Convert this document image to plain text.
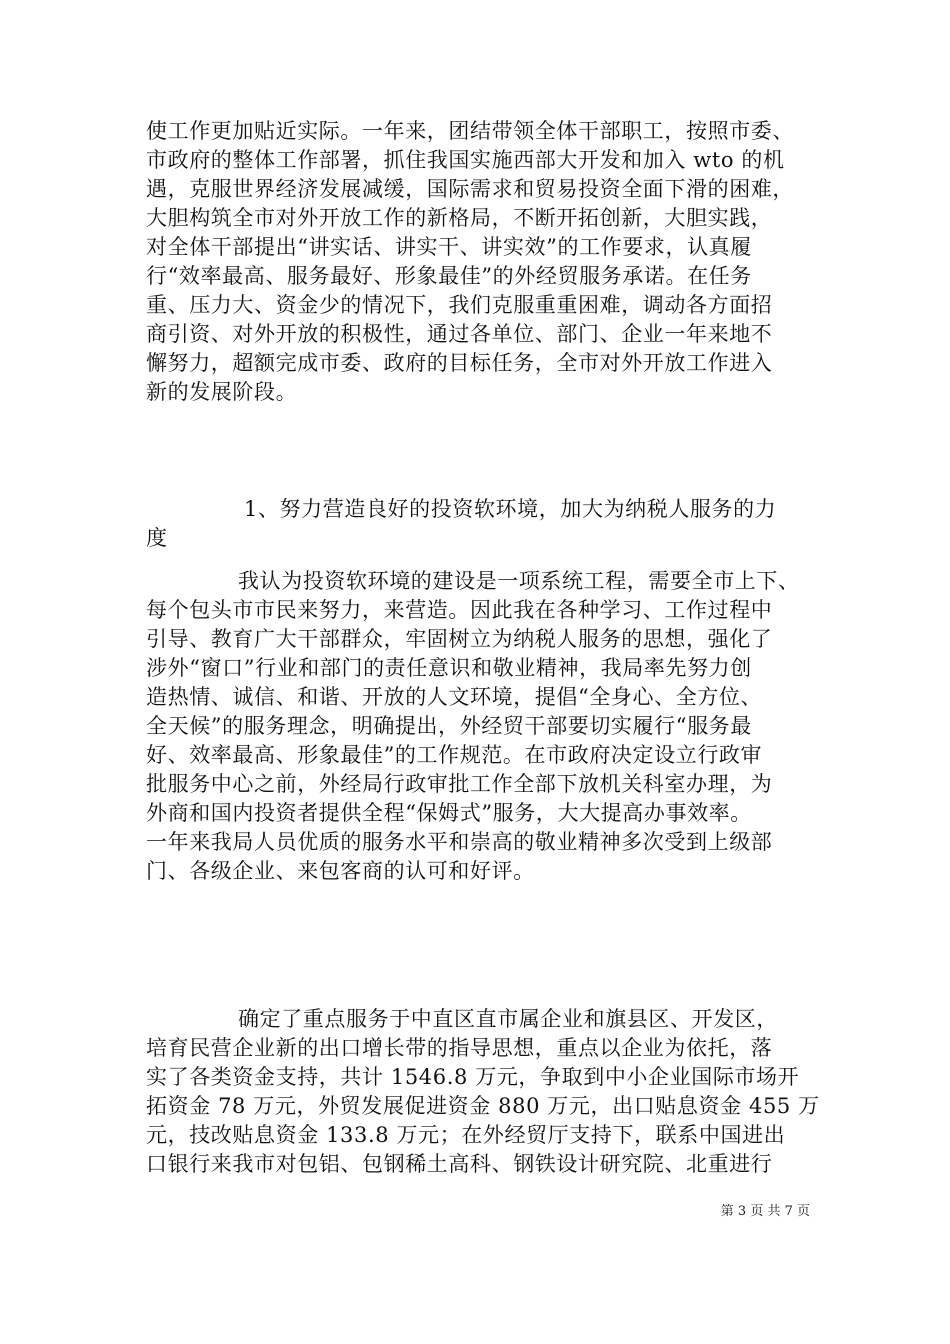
使工作更加贴近实际。一年来，团结带领全体干部职工，按照市委、
市政府的整体工作部署，抓住我国实施西部大开发和加入 wto 的机
遇，克服世界经济发展减缓，国际需求和贸易投资全面下滑的困难，
大胆构筑全市对外开放工作的新格局，不断开拓创新，大胆实践，
对全体干部提出“讲实话、讲实干、讲实效”的工作要求，认真履
行“效率最高、服务最好、形象最佳”的外经贸服务承诺。在任务
重、压力大、资金少的情况下，我们克服重重困难，调动各方面招
商引资、对外开放的积极性，通过各单位、部门、企业一年来地不
懈努力，超额完成市委、政府的目标任务，全市对外开放工作进入
新的发展阶段。
1、努力营造良好的投资软环境，加大为纳税人服务的力
度
我认为投资软环境的建设是一项系统工程，需要全市上下、
每个包头市市民来努力，来营造。因此我在各种学习、工作过程中
引导、教育广大干部群众，牢固树立为纳税人服务的思想，强化了
涉外“窗口”行业和部门的责任意识和敬业精神，我局率先努力创
造热情、诚信、和谐、开放的人文环境，提倡“全身心、全方位、
全天候”的服务理念，明确提出，外经贸干部要切实履行“服务最
好、效率最高、形象最佳”的工作规范。在市政府决定设立行政审
批服务中心之前，外经局行政审批工作全部下放机关科室办理，为
外商和国内投资者提供全程“保姆式”服务，大大提高办事效率。
一年来我局人员优质的服务水平和崇高的敬业精神多次受到上级部
门、各级企业、来包客商的认可和好评。
确定了重点服务于中直区直市属企业和旗县区、开发区，
培育民营企业新的出口增长带的指导思想，重点以企业为依托，落
实了各类资金支持，共计 1546.8 万元，争取到中小企业国际市场开
拓资金 78 万元，外贸发展促进资金 880 万元，出口贴息资金 455 万
元，技改贴息资金 133.8 万元；在外经贸厅支持下，联系中国进出
口银行来我市对包铝、包钢稀土高科、钢铁设计研究院、北重进行
第 3 页 共 7 页
